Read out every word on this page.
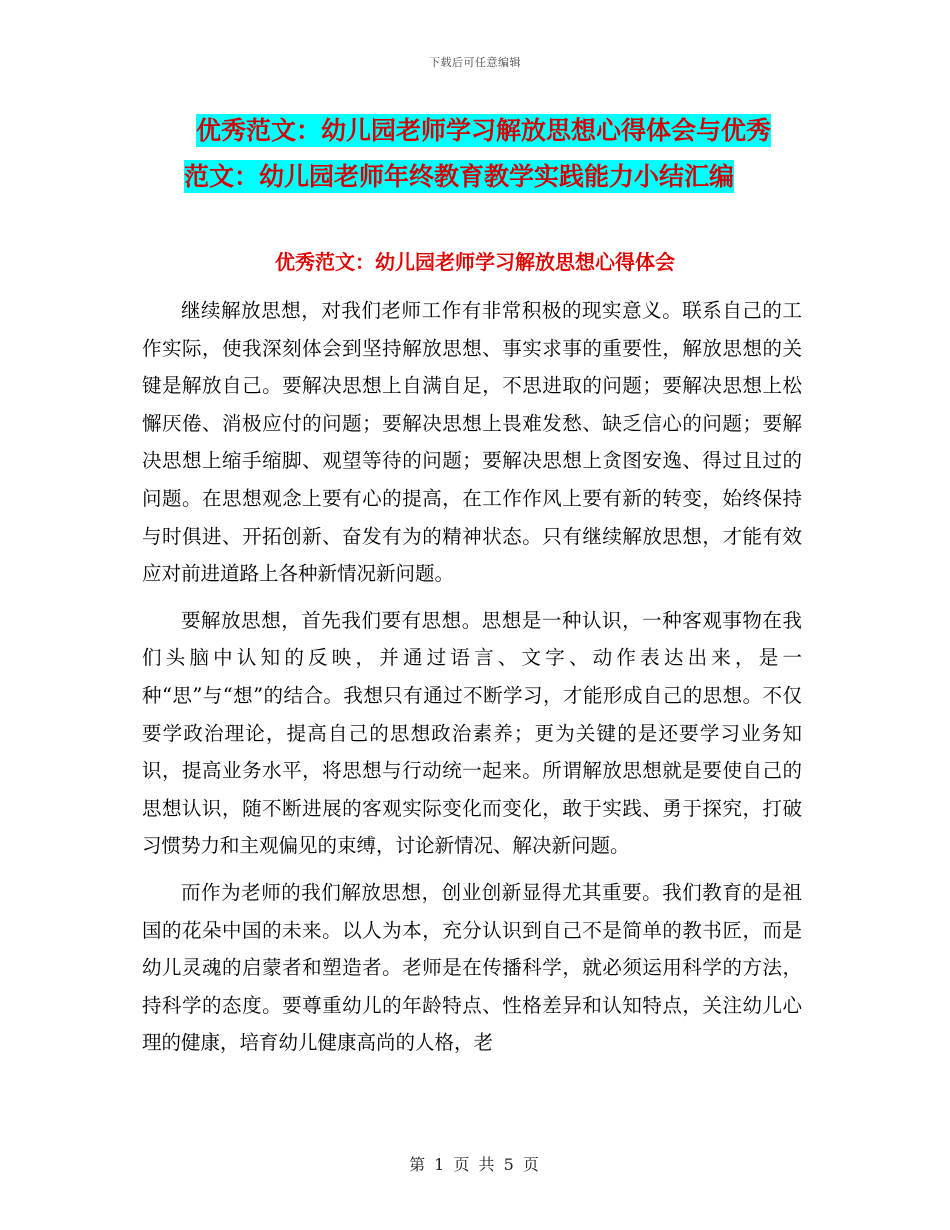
下载后可任意编辑
优秀范文：幼儿园老师学习解放思想心得体会与优秀
范文：幼儿园老师年终教育教学实践能力小结汇编
优秀范文：幼儿园老师学习解放思想心得体会

继续解放思想，对我们老师工作有非常积极的现实意义。联系自己的工作实际，使我深刻体会到坚持解放思想、事实求事的重要性，解放思想的关键是解放自己。要解决思想上自满自足，不思进取的问题；要解决思想上松懈厌倦、消极应付的问题；要解决思想上畏难发愁、缺乏信心的问题；要解决思想上缩手缩脚、观望等待的问题；要解决思想上贪图安逸、得过且过的问题。在思想观念上要有心的提高，在工作作风上要有新的转变，始终保持与时俱进、开拓创新、奋发有为的精神状态。只有继续解放思想，才能有效应对前进道路上各种新情况新问题。

要解放思想，首先我们要有思想。思想是一种认识，一种客观事物在我们头脑中认知的反映，并通过语言、文字、动作表达出来，是一种“思”与“想”的结合。我想只有通过不断学习，才能形成自己的思想。不仅要学政治理论，提高自己的思想政治素养；更为关键的是还要学习业务知识，提高业务水平，将思想与行动统一起来。所谓解放思想就是要使自己的思想认识，随不断进展的客观实际变化而变化，敢于实践、勇于探究，打破习惯势力和主观偏见的束缚，讨论新情况、解决新问题。

而作为老师的我们解放思想，创业创新显得尤其重要。我们教育的是祖国的花朵中国的未来。以人为本，充分认识到自己不是简单的教书匠，而是幼儿灵魂的启蒙者和塑造者。老师是在传播科学，就必须运用科学的方法，持科学的态度。要尊重幼儿的年龄特点、性格差异和认知特点，关注幼儿心理的健康，培育幼儿健康高尚的人格，老

第 1 页 共 5 页
